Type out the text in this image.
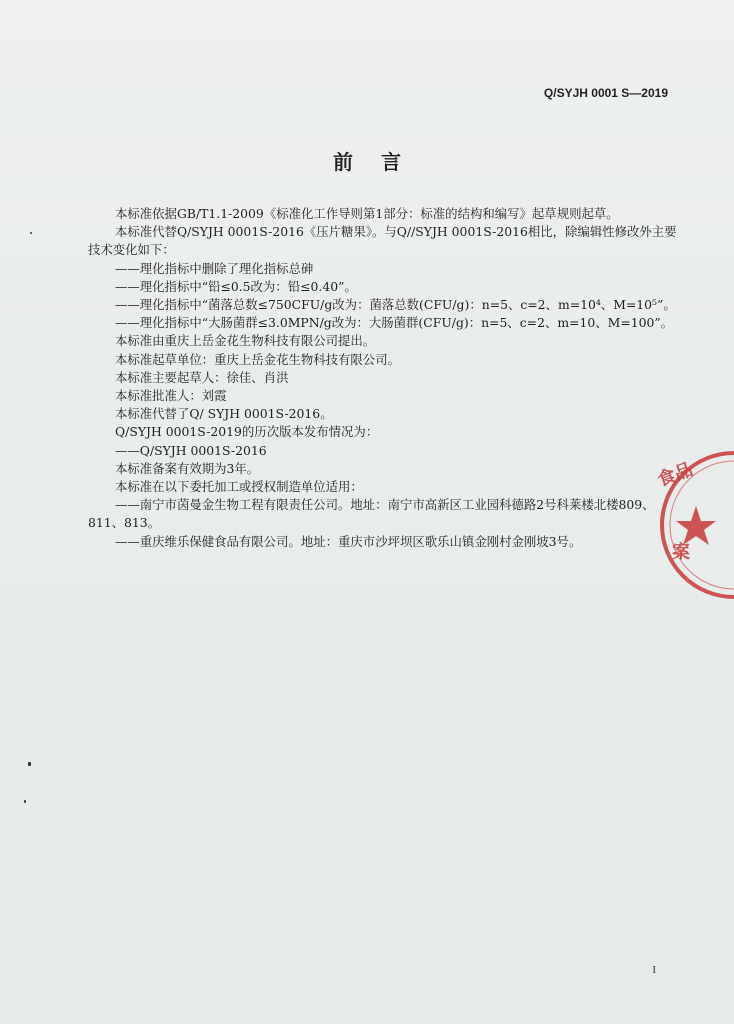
Q/SYJH 0001 S—2019
前言
本标准依据GB/T1.1-2009《标准化工作导则第1部分：标准的结构和编写》起草规则起草。
本标准代替Q/SYJH 0001S-2016《压片糖果》。与Q//SYJH 0001S-2016相比，除编辑性修改外主要
技术变化如下：
——理化指标中删除了理化指标总砷
——理化指标中“铅≤0.5改为：铅≤0.40”。
——理化指标中“菌落总数≤750CFU/g改为：菌落总数(CFU/g)：n=5、c=2、m=10⁴、M=10⁵”。
——理化指标中“大肠菌群≤3.0MPN/g改为：大肠菌群(CFU/g)：n=5、c=2、m=10、M=100”。
本标准由重庆上岳金花生物科技有限公司提出。
本标准起草单位：重庆上岳金花生物科技有限公司。
本标准主要起草人：徐佳、肖洪
本标准批准人：刘霞
本标准代替了Q/ SYJH 0001S-2016。
Q/SYJH 0001S-2019的历次版本发布情况为：
——Q/SYJH 0001S-2016
本标准备案有效期为3年。
本标准在以下委托加工或授权制造单位适用：
——南宁市茵曼金生物工程有限责任公司。地址：南宁市高新区工业园科德路2号科莱楼北楼809、
811、813。
——重庆维乐保健食品有限公司。地址：重庆市沙坪坝区歌乐山镇金刚村金刚坡3号。
I
食品
案
